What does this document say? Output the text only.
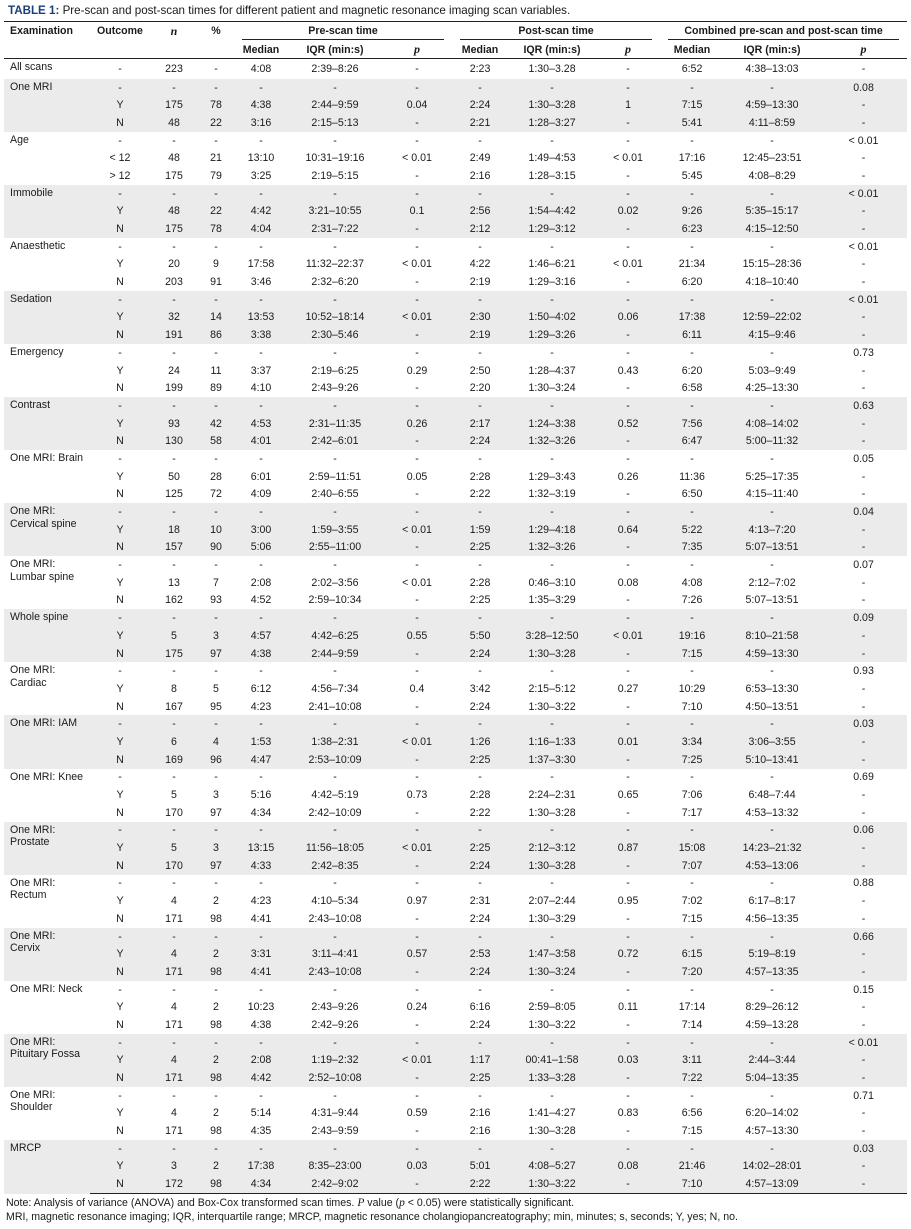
TABLE 1: Pre-scan and post-scan times for different patient and magnetic resonance imaging scan variables.
Examination	Outcome	n	%	Pre-scan time			Post-scan time			Combined pre-scan and post-scan time		

				Median	IQR (min:s)	p	Median	IQR (min:s)	p	Median	IQR (min:s)	p
All scans	-	223	-	4:08	2:39–8:26	-	2:23	1:30–3.28	-	6:52	4:38–13:03	-
One MRI	-	-	-	-	-	-	-	-	-	-	-	0.08
	Y	175	78	4:38	2:44–9:59	0.04	2:24	1:30–3:28	1	7:15	4:59–13:30	-
	N	48	22	3:16	2:15–5:13	-	2:21	1:28–3:27	-	5:41	4:11–8:59	-
Age	-	-	-	-	-	-	-	-	-	-	-	< 0.01
	< 12	48	21	13:10	10:31–19:16	< 0.01	2:49	1:49–4:53	< 0.01	17:16	12:45–23:51	-
	> 12	175	79	3:25	2:19–5:15	-	2:16	1:28–3:15	-	5:45	4:08–8:29	-
Immobile	-	-	-	-	-	-	-	-	-	-	-	< 0.01
	Y	48	22	4:42	3:21–10:55	0.1	2:56	1:54–4:42	0.02	9:26	5:35–15:17	-
	N	175	78	4:04	2:31–7:22	-	2:12	1:29–3:12	-	6:23	4:15–12:50	-
Anaesthetic	-	-	-	-	-	-	-	-	-	-	-	< 0.01
	Y	20	9	17:58	11:32–22:37	< 0.01	4:22	1:46–6:21	< 0.01	21:34	15:15–28:36	-
	N	203	91	3:46	2:32–6:20	-	2:19	1:29–3:16	-	6:20	4:18–10:40	-
Sedation	-	-	-	-	-	-	-	-	-	-	-	< 0.01
	Y	32	14	13:53	10:52–18:14	< 0.01	2:30	1:50–4:02	0.06	17:38	12:59–22:02	-
	N	191	86	3:38	2:30–5:46	-	2:19	1:29–3:26	-	6:11	4:15–9:46	-
Emergency	-	-	-	-	-	-	-	-	-	-	-	0.73
	Y	24	11	3:37	2:19–6:25	0.29	2:50	1:28–4:37	0.43	6:20	5:03–9:49	-
	N	199	89	4:10	2:43–9:26	-	2:20	1:30–3:24	-	6:58	4:25–13:30	-
Contrast	-	-	-	-	-	-	-	-	-	-	-	0.63
	Y	93	42	4:53	2:31–11:35	0.26	2:17	1:24–3:38	0.52	7:56	4:08–14:02	-
	N	130	58	4:01	2:42–6:01	-	2:24	1:32–3:26	-	6:47	5:00–11:32	-
One MRI: Brain	-	-	-	-	-	-	-	-	-	-	-	0.05
	Y	50	28	6:01	2:59–11:51	0.05	2:28	1:29–3:43	0.26	11:36	5:25–17:35	-
	N	125	72	4:09	2:40–6:55	-	2:22	1:32–3:19	-	6:50	4:15–11:40	-
One MRI: Cervical spine	-	-	-	-	-	-	-	-	-	-	-	0.04
	Y	18	10	3:00	1:59–3:55	< 0.01	1:59	1:29–4:18	0.64	5:22	4:13–7:20	-
	N	157	90	5:06	2:55–11:00	-	2:25	1:32–3:26	-	7:35	5:07–13:51	-
One MRI: Lumbar spine	-	-	-	-	-	-	-	-	-	-	-	0.07
	Y	13	7	2:08	2:02–3:56	< 0.01	2:28	0:46–3:10	0.08	4:08	2:12–7:02	-
	N	162	93	4:52	2:59–10:34	-	2:25	1:35–3:29	-	7:26	5:07–13:51	-
Whole spine	-	-	-	-	-	-	-	-	-	-	-	0.09
	Y	5	3	4:57	4:42–6:25	0.55	5:50	3:28–12:50	< 0.01	19:16	8:10–21:58	-
	N	175	97	4:38	2:44–9:59	-	2:24	1:30–3:28	-	7:15	4:59–13:30	-
One MRI: Cardiac	-	-	-	-	-	-	-	-	-	-	-	0.93
	Y	8	5	6:12	4:56–7:34	0.4	3:42	2:15–5:12	0.27	10:29	6:53–13:30	-
	N	167	95	4:23	2:41–10:08	-	2:24	1:30–3:22	-	7:10	4:50–13:51	-
One MRI: IAM	-	-	-	-	-	-	-	-	-	-	-	0.03
	Y	6	4	1:53	1:38–2:31	< 0.01	1:26	1:16–1:33	0.01	3:34	3:06–3:55	-
	N	169	96	4:47	2:53–10:09	-	2:25	1:37–3:30	-	7:25	5:10–13:41	-
One MRI: Knee	-	-	-	-	-	-	-	-	-	-	-	0.69
	Y	5	3	5:16	4:42–5:19	0.73	2:28	2:24–2:31	0.65	7:06	6:48–7:44	-
	N	170	97	4:34	2:42–10:09	-	2:22	1:30–3:28	-	7:17	4:53–13:32	-
One MRI: Prostate	-	-	-	-	-	-	-	-	-	-	-	0.06
	Y	5	3	13:15	11:56–18:05	< 0.01	2:25	2:12–3:12	0.87	15:08	14:23–21:32	-
	N	170	97	4:33	2:42–8:35	-	2:24	1:30–3:28	-	7:07	4:53–13:06	-
One MRI: Rectum	-	-	-	-	-	-	-	-	-	-	-	0.88
	Y	4	2	4:23	4:10–5:34	0.97	2:31	2:07–2:44	0.95	7:02	6:17–8:17	-
	N	171	98	4:41	2:43–10:08	-	2:24	1:30–3:29	-	7:15	4:56–13:35	-
One MRI: Cervix	-	-	-	-	-	-	-	-	-	-	-	0.66
	Y	4	2	3:31	3:11–4:41	0.57	2:53	1:47–3:58	0.72	6:15	5:19–8:19	-
	N	171	98	4:41	2:43–10:08	-	2:24	1:30–3:24	-	7:20	4:57–13:35	-
One MRI: Neck	-	-	-	-	-	-	-	-	-	-	-	0.15
	Y	4	2	10:23	2:43–9:26	0.24	6:16	2:59–8:05	0.11	17:14	8:29–26:12	-
	N	171	98	4:38	2:42–9:26	-	2:24	1:30–3:22	-	7:14	4:59–13:28	-
One MRI: Pituitary Fossa	-	-	-	-	-	-	-	-	-	-	-	< 0.01
	Y	4	2	2:08	1:19–2:32	< 0.01	1:17	00:41–1:58	0.03	3:11	2:44–3:44	-
	N	171	98	4:42	2:52–10:08	-	2:25	1:33–3:28	-	7:22	5:04–13:35	-
One MRI: Shoulder	-	-	-	-	-	-	-	-	-	-	-	0.71
	Y	4	2	5:14	4:31–9:44	0.59	2:16	1:41–4:27	0.83	6:56	6:20–14:02	-
	N	171	98	4:35	2:43–9:59	-	2:16	1:30–3:28	-	7:15	4:57–13:30	-
MRCP	-	-	-	-	-	-	-	-	-	-	-	0.03
	Y	3	2	17:38	8:35–23:00	0.03	5:01	4:08–5:27	0.08	21:46	14:02–28:01	-
	N	172	98	4:34	2:42–9:02	-	2:22	1:30–3:22	-	7:10	4:57–13:09	-
Note: Analysis of variance (ANOVA) and Box-Cox transformed scan times. P value (p < 0.05) were statistically significant.
MRI, magnetic resonance imaging; IQR, interquartile range; MRCP, magnetic resonance cholangiopancreatography; min, minutes; s, seconds; Y, yes; N, no.
